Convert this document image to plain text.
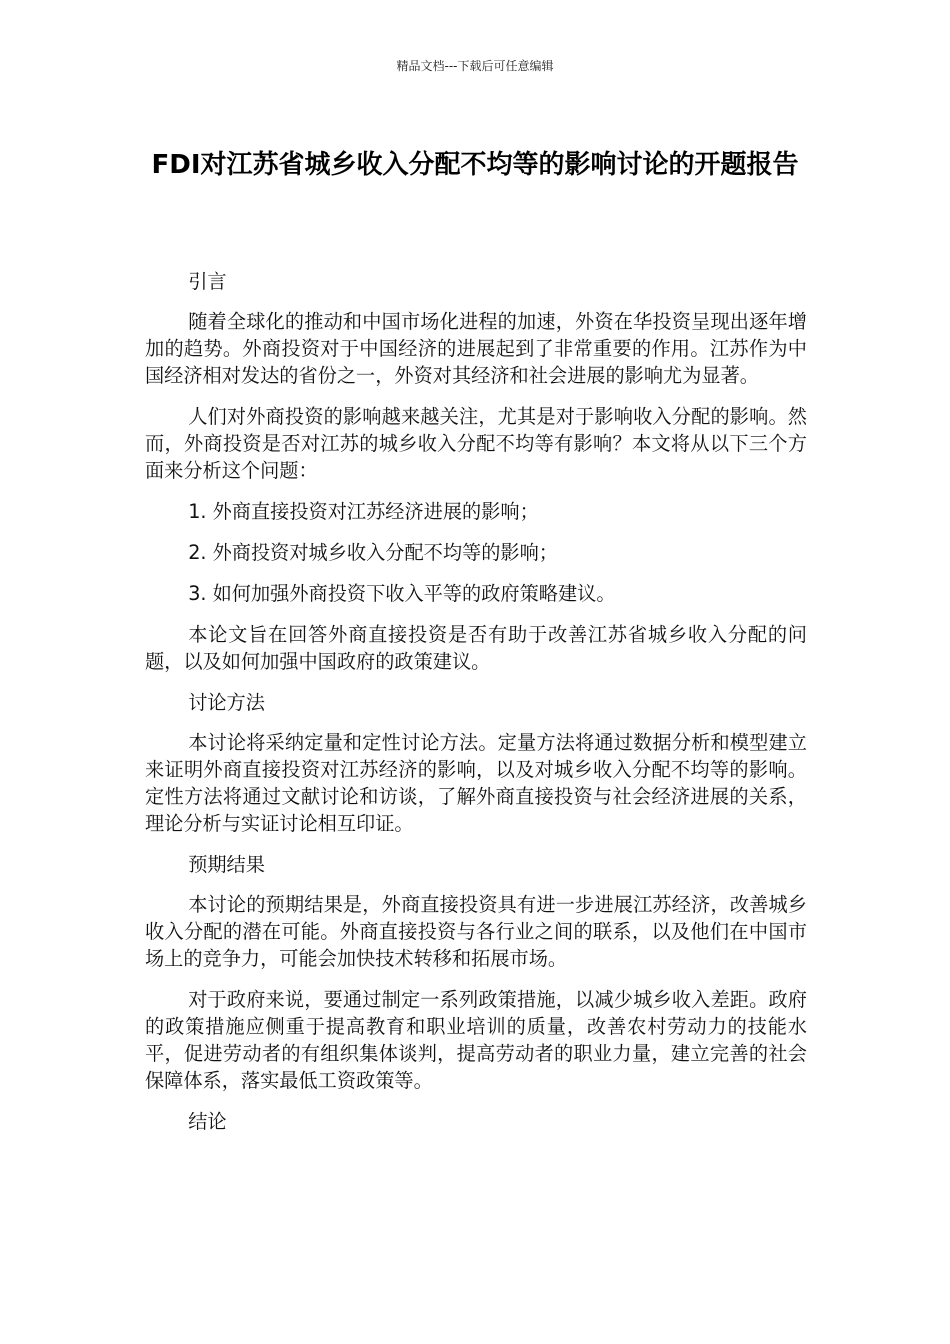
精品文档---下载后可任意编辑
FDI对江苏省城乡收入分配不均等的影响讨论的开题报告

引言

随着全球化的推动和中国市场化进程的加速，外资在华投资呈现出逐年增加的趋势。外商投资对于中国经济的进展起到了非常重要的作用。江苏作为中国经济相对发达的省份之一，外资对其经济和社会进展的影响尤为显著。

人们对外商投资的影响越来越关注，尤其是对于影响收入分配的影响。然而，外商投资是否对江苏的城乡收入分配不均等有影响？本文将从以下三个方面来分析这个问题：

1. 外商直接投资对江苏经济进展的影响；

2. 外商投资对城乡收入分配不均等的影响；

3. 如何加强外商投资下收入平等的政府策略建议。

本论文旨在回答外商直接投资是否有助于改善江苏省城乡收入分配的问题，以及如何加强中国政府的政策建议。

讨论方法

本讨论将采纳定量和定性讨论方法。定量方法将通过数据分析和模型建立来证明外商直接投资对江苏经济的影响，以及对城乡收入分配不均等的影响。定性方法将通过文献讨论和访谈，了解外商直接投资与社会经济进展的关系，理论分析与实证讨论相互印证。

预期结果

本讨论的预期结果是，外商直接投资具有进一步进展江苏经济，改善城乡收入分配的潜在可能。外商直接投资与各行业之间的联系，以及他们在中国市场上的竞争力，可能会加快技术转移和拓展市场。

对于政府来说，要通过制定一系列政策措施，以减少城乡收入差距。政府的政策措施应侧重于提高教育和职业培训的质量，改善农村劳动力的技能水平，促进劳动者的有组织集体谈判，提高劳动者的职业力量，建立完善的社会保障体系，落实最低工资政策等。

结论
